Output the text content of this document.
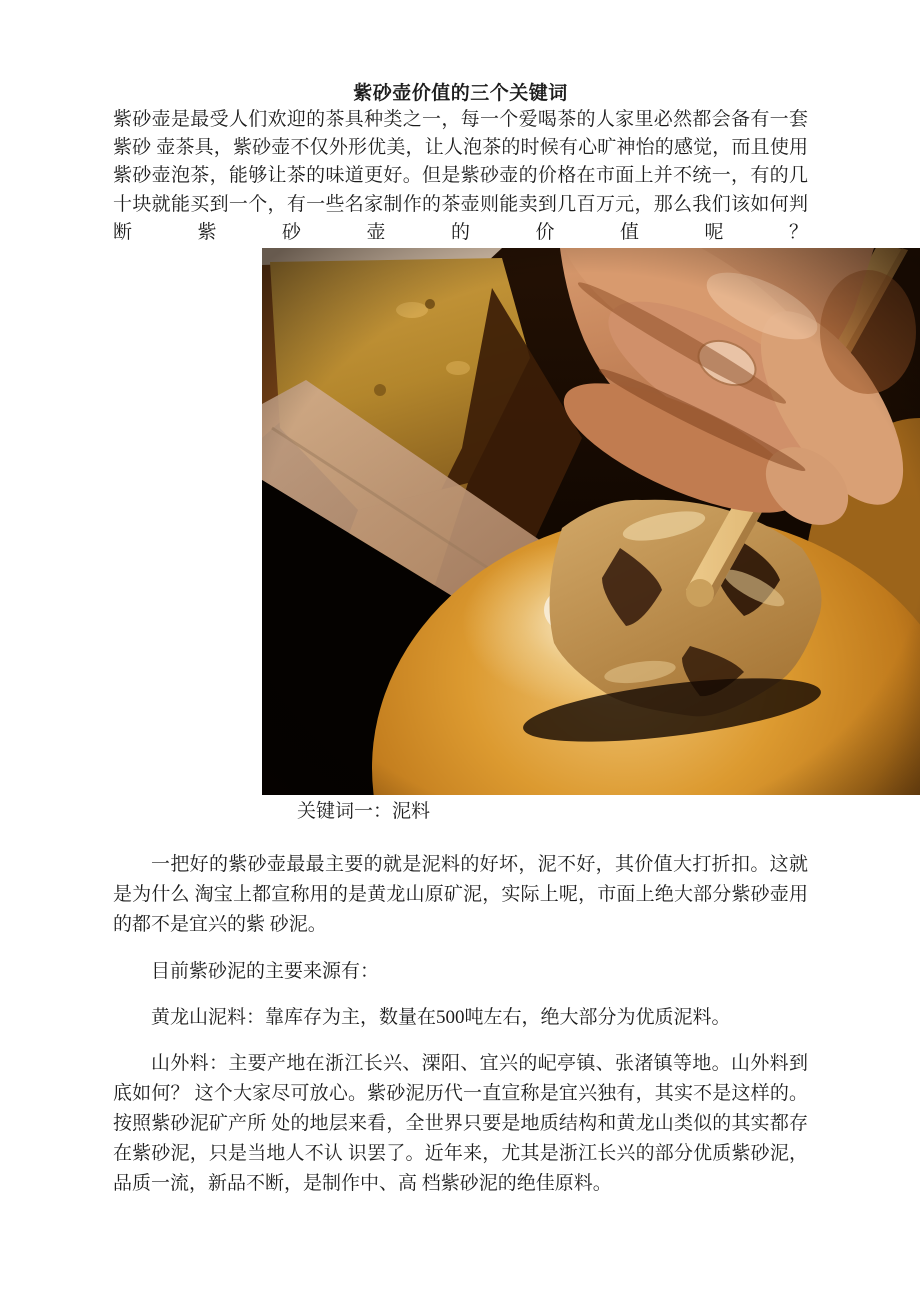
紫砂壶价值的三个关键词

紫砂壶是最受人们欢迎的茶具种类之一，每一个爱喝茶的人家里必然都会备有一套紫砂 壶茶具，紫砂壶不仅外形优美，让人泡茶的时候有心旷神怡的感觉，而且使用紫砂壶泡茶，能够让茶的味道更好。但是紫砂壶的价格在市面上并不统一，有的几十块就能买到一个，有一些名家制作的茶壶则能卖到几百万元，那么我们该如何判断紫砂壶的价值呢？

关键词一：泥料

一把好的紫砂壶最最主要的就是泥料的好坏，泥不好，其价值大打折扣。这就是为什么 淘宝上都宣称用的是黄龙山原矿泥，实际上呢，市面上绝大部分紫砂壶用的都不是宜兴的紫 砂泥。

目前紫砂泥的主要来源有：

黄龙山泥料：靠库存为主，数量在500吨左右，绝大部分为优质泥料。

山外料：主要产地在浙江长兴、溧阳、宜兴的屺亭镇、张渚镇等地。山外料到底如何？ 这个大家尽可放心。紫砂泥历代一直宣称是宜兴独有，其实不是这样的。按照紫砂泥矿产所 处的地层来看，全世界只要是地质结构和黄龙山类似的其实都存在紫砂泥，只是当地人不认 识罢了。近年来，尤其是浙江长兴的部分优质紫砂泥，品质一流，新品不断，是制作中、高 档紫砂泥的绝佳原料。
